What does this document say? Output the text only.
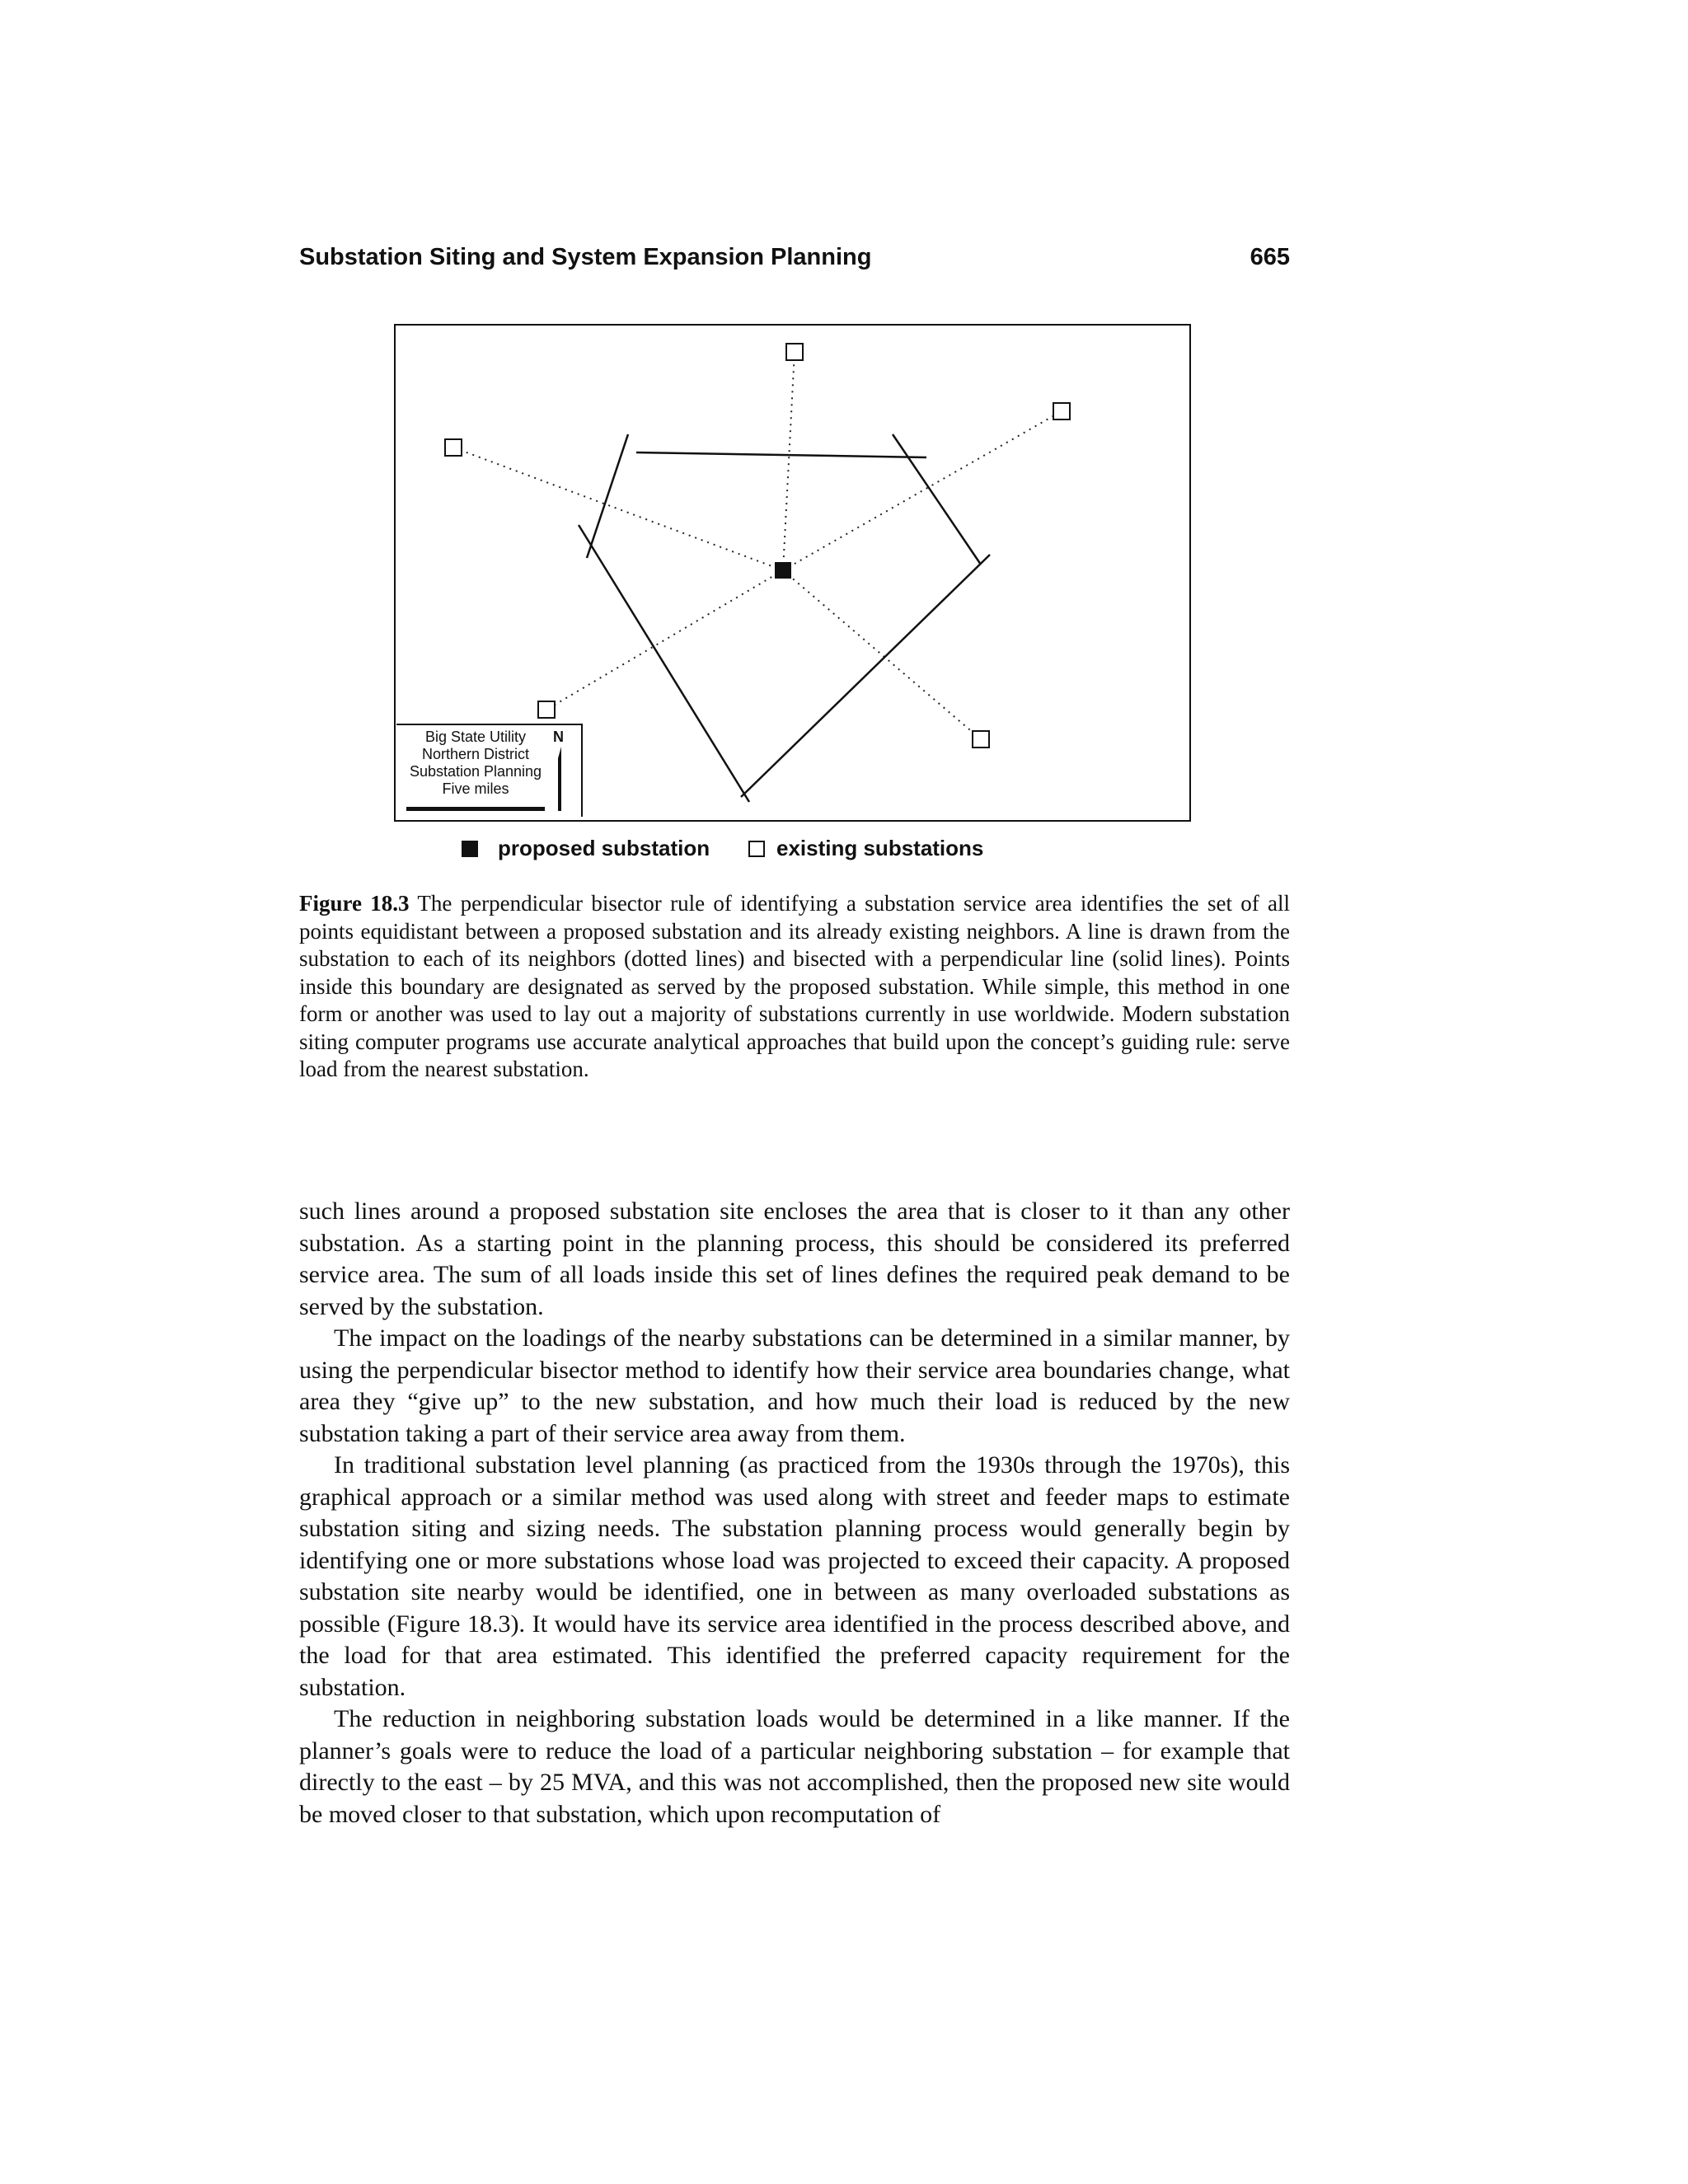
Substation Siting and System Expansion Planning	665
Big State Utility
Northern District
Substation Planning
Five miles
N
proposed substation	existing substations
Figure 18.3 The perpendicular bisector rule of identifying a substation service area identifies the set of all points equidistant between a proposed substation and its already existing neighbors. A line is drawn from the substation to each of its neighbors (dotted lines) and bisected with a perpendicular line (solid lines). Points inside this boundary are designated as served by the proposed substation. While simple, this method in one form or another was used to lay out a majority of substations currently in use worldwide. Modern substation siting computer programs use accurate analytical approaches that build upon the concept’s guiding rule: serve load from the nearest substation.

such lines around a proposed substation site encloses the area that is closer to it than any other substation. As a starting point in the planning process, this should be considered its preferred service area. The sum of all loads inside this set of lines defines the required peak demand to be served by the substation.

The impact on the loadings of the nearby substations can be determined in a similar manner, by using the perpendicular bisector method to identify how their service area boundaries change, what area they “give up” to the new substation, and how much their load is reduced by the new substation taking a part of their service area away from them.

In traditional substation level planning (as practiced from the 1930s through the 1970s), this graphical approach or a similar method was used along with street and feeder maps to estimate substation siting and sizing needs. The substation planning process would generally begin by identifying one or more substations whose load was projected to exceed their capacity. A proposed substation site nearby would be identified, one in between as many overloaded substations as possible (Figure 18.3). It would have its service area identified in the process described above, and the load for that area estimated. This identified the preferred capacity requirement for the substation.

The reduction in neighboring substation loads would be determined in a like manner. If the planner’s goals were to reduce the load of a particular neighboring substation – for example that directly to the east – by 25 MVA, and this was not accomplished, then the proposed new site would be moved closer to that substation, which upon recomputation of
